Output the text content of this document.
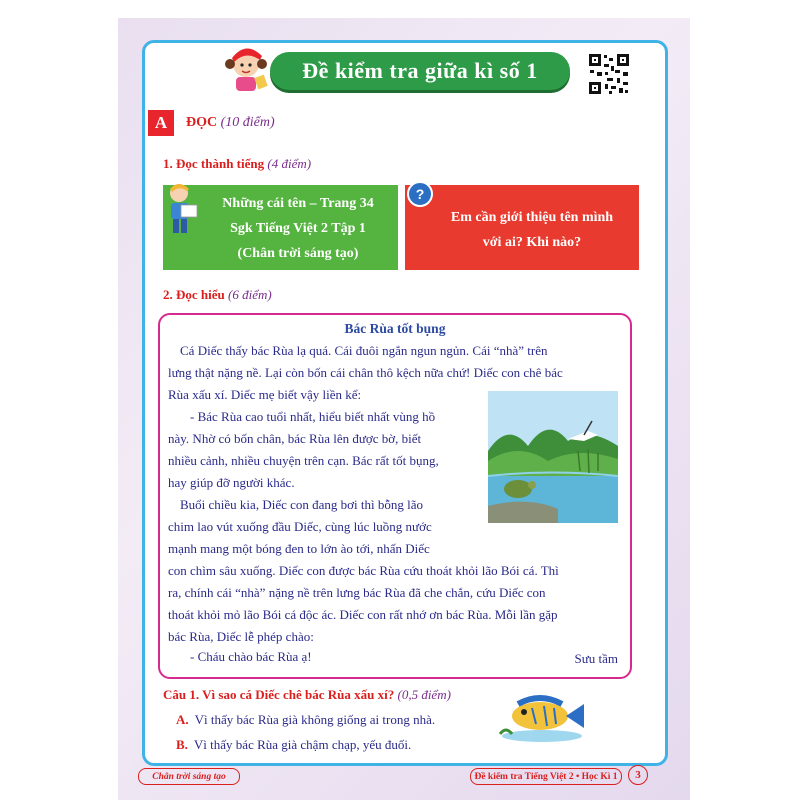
Đề kiểm tra giữa kì số 1
A	ĐỌC (10 điểm)
1. Đọc thành tiếng (4 điểm)
Những cái tên – Trang 34
Sgk Tiếng Việt 2 Tập 1
(Chân trời sáng tạo)
Em cần giới thiệu tên mình
với ai? Khi nào?
?
2. Đọc hiểu (6 điểm)
Bác Rùa tốt bụng
Cá Diếc thấy bác Rùa lạ quá. Cái đuôi ngắn ngun ngủn. Cái “nhà” trên
lưng thật nặng nề. Lại còn bốn cái chân thô kệch nữa chứ! Diếc con chê bác
Rùa xấu xí. Diếc mẹ biết vậy liền kể:
- Bác Rùa cao tuổi nhất, hiểu biết nhất vùng hồ
này. Nhờ có bốn chân, bác Rùa lên được bờ, biết
nhiều cảnh, nhiều chuyện trên cạn. Bác rất tốt bụng,
hay giúp đỡ người khác.
Buổi chiều kia, Diếc con đang bơi thì bỗng lão
chim lao vút xuống đầu Diếc, cùng lúc luồng nước
mạnh mang một bóng đen to lớn ào tới, nhấn Diếc
con chìm sâu xuống. Diếc con được bác Rùa cứu thoát khỏi lão Bói cá. Thì
ra, chính cái “nhà” nặng nề trên lưng bác Rùa đã che chắn, cứu Diếc con
thoát khỏi mỏ lão Bói cá độc ác. Diếc con rất nhớ ơn bác Rùa. Mỗi lần gặp
bác Rùa, Diếc lễ phép chào:
- Cháu chào bác Rùa ạ!	Sưu tầm
Câu 1. Vì sao cá Diếc chê bác Rùa xấu xí? (0,5 điểm)
A. Vì thấy bác Rùa già không giống ai trong nhà.
B. Vì thấy bác Rùa già chậm chạp, yếu đuối.
Chân trời sáng tạo	Đề kiểm tra Tiếng Việt 2 • Học Kì 1	3
